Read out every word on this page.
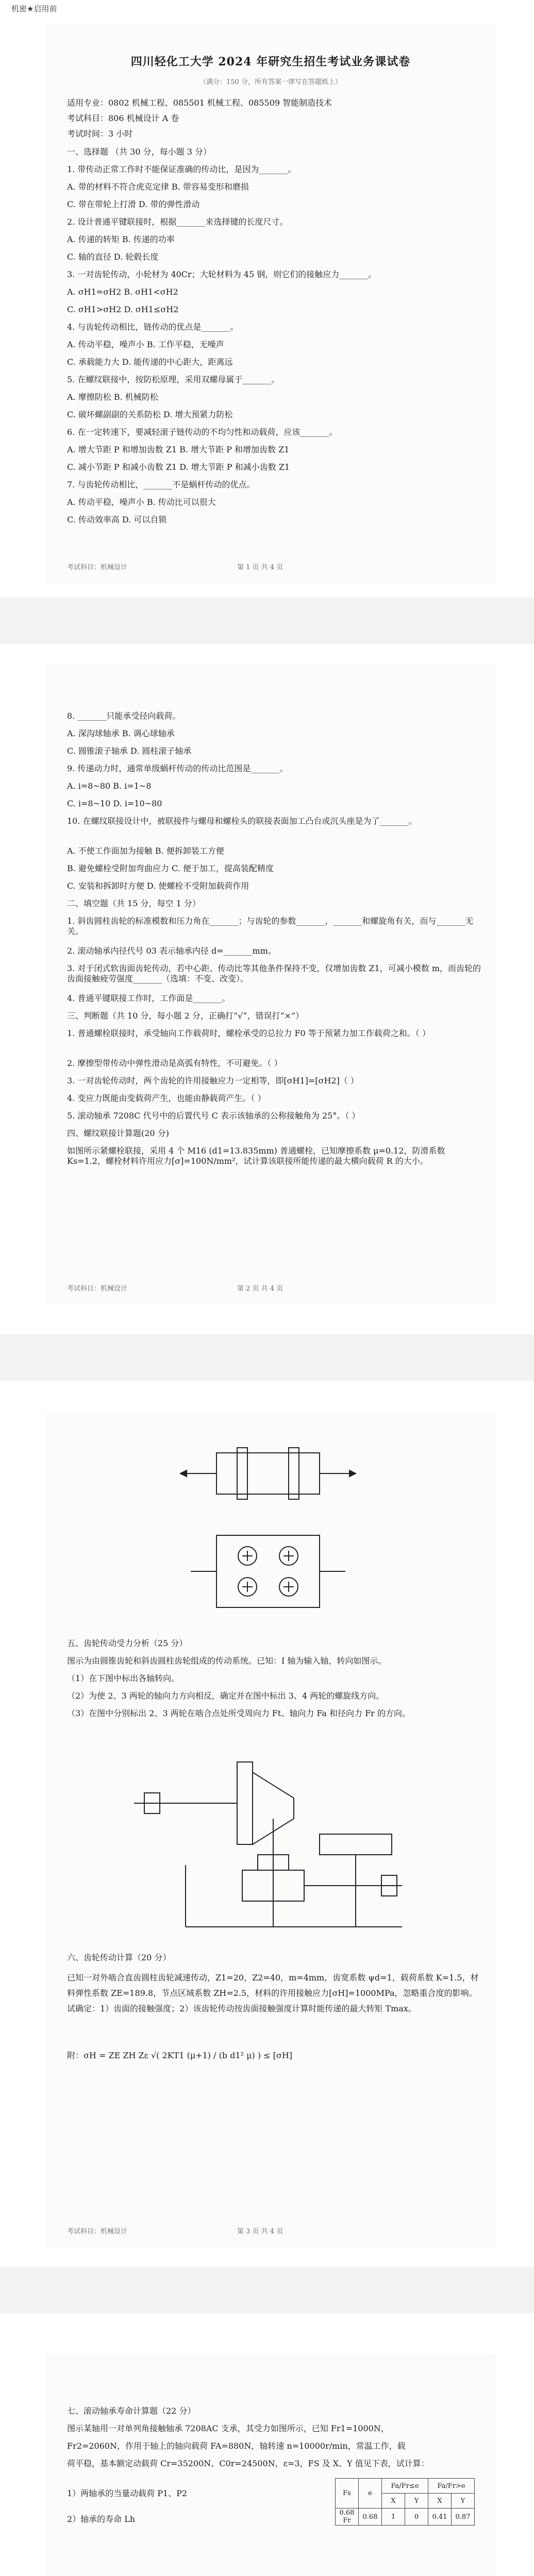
机密★启用前
四川轻化工大学 2024 年研究生招生考试业务课试卷
（满分：150 分，所有答案一律写在答题纸上）
适用专业：0802 机械工程、085501 机械工程、085509 智能制造技术
考试科目：806 机械设计 A 卷
考试时间：3 小时
一、选择题 （共 30 分，每小题 3 分）
1. 带传动正常工作时不能保证准确的传动比，是因为_______。
A. 带的材料不符合虎克定律 B. 带容易变形和磨损
C. 带在带轮上打滑 D. 带的弹性滑动
2. 设计普通平键联接时，根据_______来选择键的长度尺寸。
A. 传递的转矩 B. 传递的功率
C. 轴的直径 D. 轮毂长度
3. 一对齿轮传动，小轮材为 40Cr；大轮材料为 45 钢，则它们的接触应力_______。
A. σH1=σH2 B. σH1<σH2
C. σH1>σH2 D. σH1≤σH2
4. 与齿轮传动相比，链传动的优点是_______。
A. 传动平稳，噪声小 B. 工作平稳，无噪声
C. 承载能力大 D. 能传递的中心距大，距离远
5. 在螺纹联接中，按防松原理，采用双螺母属于_______。
A. 摩擦防松 B. 机械防松
C. 破坏螺副副的关系防松 D. 增大预紧力防松
6. 在一定转速下，要减轻滚子链传动的不均匀性和动载荷，应该_______。
A. 增大节距 P 和增加齿数 Z1 B. 增大节距 P 和增加齿数 Z1
C. 减小节距 P 和减小齿数 Z1 D. 增大节距 P 和减小齿数 Z1
7. 与齿轮传动相比，_______不是蜗杆传动的优点。
A. 传动平稳，噪声小 B. 传动比可以很大
C. 传动效率高 D. 可以自锁
考试科目：机械设计	第 1 页 共 4 页
8. _______只能承受径向载荷。
A. 深沟球轴承 B. 调心球轴承
C. 圆锥滚子轴承 D. 圆柱滚子轴承
9. 传递动力时，通常单级蜗杆传动的传动比范围是_______。
A. i=8~80 B. i=1~8
C. i=8~10 D. i=10~80
10. 在螺纹联接设计中，被联接件与螺母和螺栓头的联接表面加工凸台或沉头座是为了_______。
A. 不使工作面加为接触 B. 便拆卸装工方便
B. 避免螺栓受附加弯曲应力 C. 便于加工，提高装配精度
C. 安装和拆卸时方便 D. 使螺栓不受附加载荷作用
二、填空题（共 15 分，每空 1 分）
1. 斜齿圆柱齿轮的标准模数和压力角在_______；与齿轮的参数_______，_______和螺旋角有关，而与_______无关。
2. 滚动轴承内径代号 03 表示轴承内径 d=_______mm。
3. 对于闭式软齿面齿轮传动，若中心距、传动比等其他条件保持不变，仅增加齿数 Z1，可减小模数 m，而齿轮的齿面接触疲劳强度_______（选填：不变、改变）。
4. 普通平键联接工作时，工作面是_______。
三、判断题（共 10 分，每小题 2 分，正确打“√”，错误打“×”）
1. 普通螺栓联接时，承受轴向工作载荷时，螺栓承受的总拉力 F0 等于预紧力加工作载荷之和。（ ）
2. 摩擦型带传动中弹性滑动是高弧有特性，不可避免。（ ）
3. 一对齿轮传动时，两个齿轮的许用接触应力一定相等，即[σH1]=[σH2]（ ）
4. 变应力既能由变载荷产生，也能由静载荷产生。（ ）
5. 滚动轴承 7208C 代号中的后置代号 C 表示该轴承的公称接触角为 25°。（ ）
四、螺纹联接计算题(20 分)
如图所示紧螺栓联接，采用 4 个 M16 (d1=13.835mm) 普通螺栓，已知摩擦系数 μ=0.12，防滑系数 Ks=1.2，螺栓材料许用应力[σ]=100N/mm²，试计算该联接所能传递的最大横向载荷 R 的大小。
考试科目：机械设计	第 2 页 共 4 页
五、齿轮传动受力分析（25 分）
图示为由圆锥齿轮和斜齿圆柱齿轮组成的传动系统。已知：I 轴为输入轴，转向如图示。
（1）在下图中标出各轴转向。
（2）为使 2、3 两轮的轴向力方向相反，确定并在图中标出 3、4 两轮的螺旋线方向。
（3）在图中分别标出 2、3 两轮在啮合点处所受周向力 Ft、轴向力 Fa 和径向力 Fr 的方向。
六、齿轮传动计算（20 分）
已知一对外啮合直齿圆柱齿轮减速传动，Z1=20，Z2=40，m=4mm，齿宽系数 ψd=1，载荷系数 K=1.5，材料弹性系数 ZE=189.8，节点区域系数 ZH=2.5，材料的许用接触应力[σH]=1000MPa，忽略重合度的影响。试确定：1）齿面的接触强度；2）该齿轮传动按齿面接触强度计算时能传递的最大转矩 Tmax。
附：σH = ZE ZH Zε √( 2KT1 (μ+1) / (b d1² μ) ) ≤ [σH]
考试科目：机械设计	第 3 页 共 4 页
七、滚动轴承寿命计算题（22 分）
图示某轴用一对单列角接触轴承 7208AC 支承，其受力如图所示，已知 Fr1=1000N，
Fr2=2060N，作用于轴上的轴向载荷 FA=880N，轴转速 n=10000r/min，常温工作，载
荷平稳，基本额定动载荷 Cr=35200N、C0r=24500N，ε=3，FS 及 X、Y 值见下表，试计算：
1）两轴承的当量动载荷 P1、P2
2）轴承的寿命 Lh
Fs	e	Fa/Fr≤e		Fa/Fr>e	
		X	Y	X	Y
0.68 Fr	0.68	1	0	0.41	0.87
